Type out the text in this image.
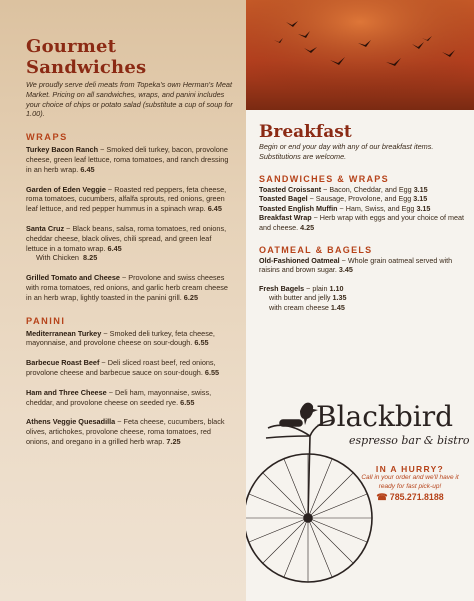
Gourmet Sandwiches

We proudly serve deli meats from Topeka's own Herman's Meat Market. Pricing on all sandwiches, wraps, and panini includes your choice of chips or potato salad (substitute a cup of soup for 1.00).

WRAPS

Turkey Bacon Ranch ~ Smoked deli turkey, bacon, provolone cheese, green leaf lettuce, roma tomatoes, and ranch dressing in an herb wrap. 6.45

Garden of Eden Veggie ~ Roasted red peppers, feta cheese, roma tomatoes, cucumbers, alfalfa sprouts, red onions, green leaf lettuce, and red pepper hummus in a spinach wrap. 6.45

Santa Cruz ~ Black beans, salsa, roma tomatoes, red onions, cheddar cheese, black olives, chili spread, and green leaf lettuce in a tomato wrap. 6.45

With Chicken 8.25

Grilled Tomato and Cheese ~ Provolone and swiss cheeses with roma tomatoes, red onions, and garlic herb cream cheese in an herb wrap, lightly toasted in the panini grill. 6.25

PANINI

Mediterranean Turkey ~ Smoked deli turkey, feta cheese, mayonnaise, and provolone cheese on sour-dough. 6.55

Barbecue Roast Beef ~ Deli sliced roast beef, red onions, provolone cheese and barbecue sauce on sour-dough. 6.55

Ham and Three Cheese ~ Deli ham, mayonnaise, swiss, cheddar, and provolone cheese on seeded rye. 6.55

Athens Veggie Quesadilla ~ Feta cheese, cucumbers, black olives, artichokes, provolone cheese, roma tomatoes, red onions, and oregano in a grilled herb wrap. 7.25

Breakfast

Begin or end your day with any of our breakfast items. Substitutions are welcome.

SANDWICHES & WRAPS

Toasted Croissant ~ Bacon, Cheddar, and Egg 3.15

Toasted Bagel ~ Sausage, Provolone, and Egg 3.15

Toasted English Muffin ~ Ham, Swiss, and Egg 3.15

Breakfast Wrap ~ Herb wrap with eggs and your choice of meat and cheese. 4.25

OATMEAL & BAGELS

Old-Fashioned Oatmeal ~ Whole grain oatmeal served with raisins and brown sugar. 3.45

Fresh Bagels ~ plain 1.10

with butter and jelly 1.35

with cream cheese 1.45

Blackbird
espresso bar & bistro

IN A HURRY?

Call in your order and we'll have it ready for fast pick-up!

☎ 785.271.8188
